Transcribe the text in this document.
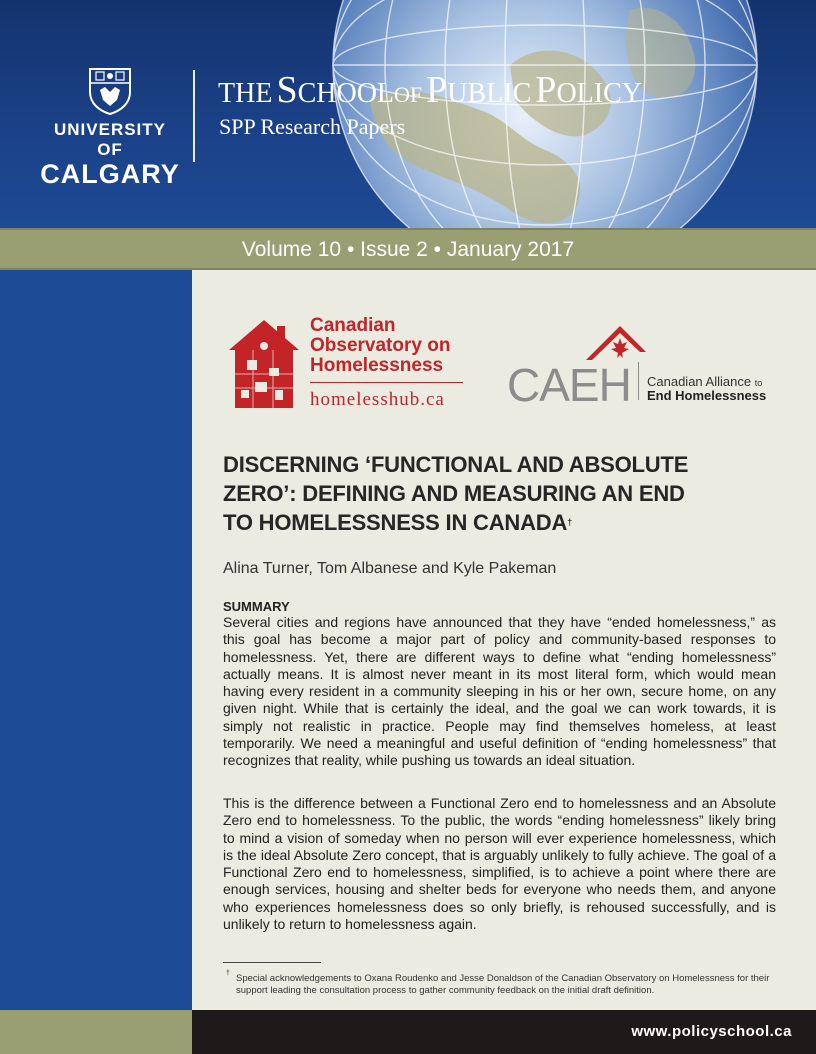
UNIVERSITY OF
CALGARY
THE SCHOOLOF PUBLIC POLICY
SPP Research Papers
Volume 10 • Issue 2 • January 2017
Canadian
Observatory on
Homelessness
homelesshub.ca CAEH Canadian Alliance to
End Homelessness
DISCERNING ‘FUNCTIONAL AND ABSOLUTE
ZERO’: DEFINING AND MEASURING AN END
TO HOMELESSNESS IN CANADA†
Alina Turner, Tom Albanese and Kyle Pakeman
SUMMARY
Several cities and regions have announced that they have “ended homelessness,” as this goal has become a major part of policy and community-based responses to homelessness. Yet, there are different ways to define what “ending homelessness” actually means. It is almost never meant in its most literal form, which would mean having every resident in a community sleeping in his or her own, secure home, on any given night. While that is certainly the ideal, and the goal we can work towards, it is simply not realistic in practice. People may find themselves homeless, at least temporarily. We need a meaningful and useful definition of “ending homelessness” that recognizes that reality, while pushing us towards an ideal situation.
This is the difference between a Functional Zero end to homelessness and an Absolute Zero end to homelessness. To the public, the words “ending homelessness” likely bring to mind a vision of someday when no person will ever experience homelessness, which is the ideal Absolute Zero concept, that is arguably unlikely to fully achieve. The goal of a Functional Zero end to homelessness, simplified, is to achieve a point where there are enough services, housing and shelter beds for everyone who needs them, and anyone who experiences homelessness does so only briefly, is rehoused successfully, and is unlikely to return to homelessness again.
† Special acknowledgements to Oxana Roudenko and Jesse Donaldson of the Canadian Observatory on Homelessness for their support leading the consultation process to gather community feedback on the initial draft definition.
www.policyschool.ca
